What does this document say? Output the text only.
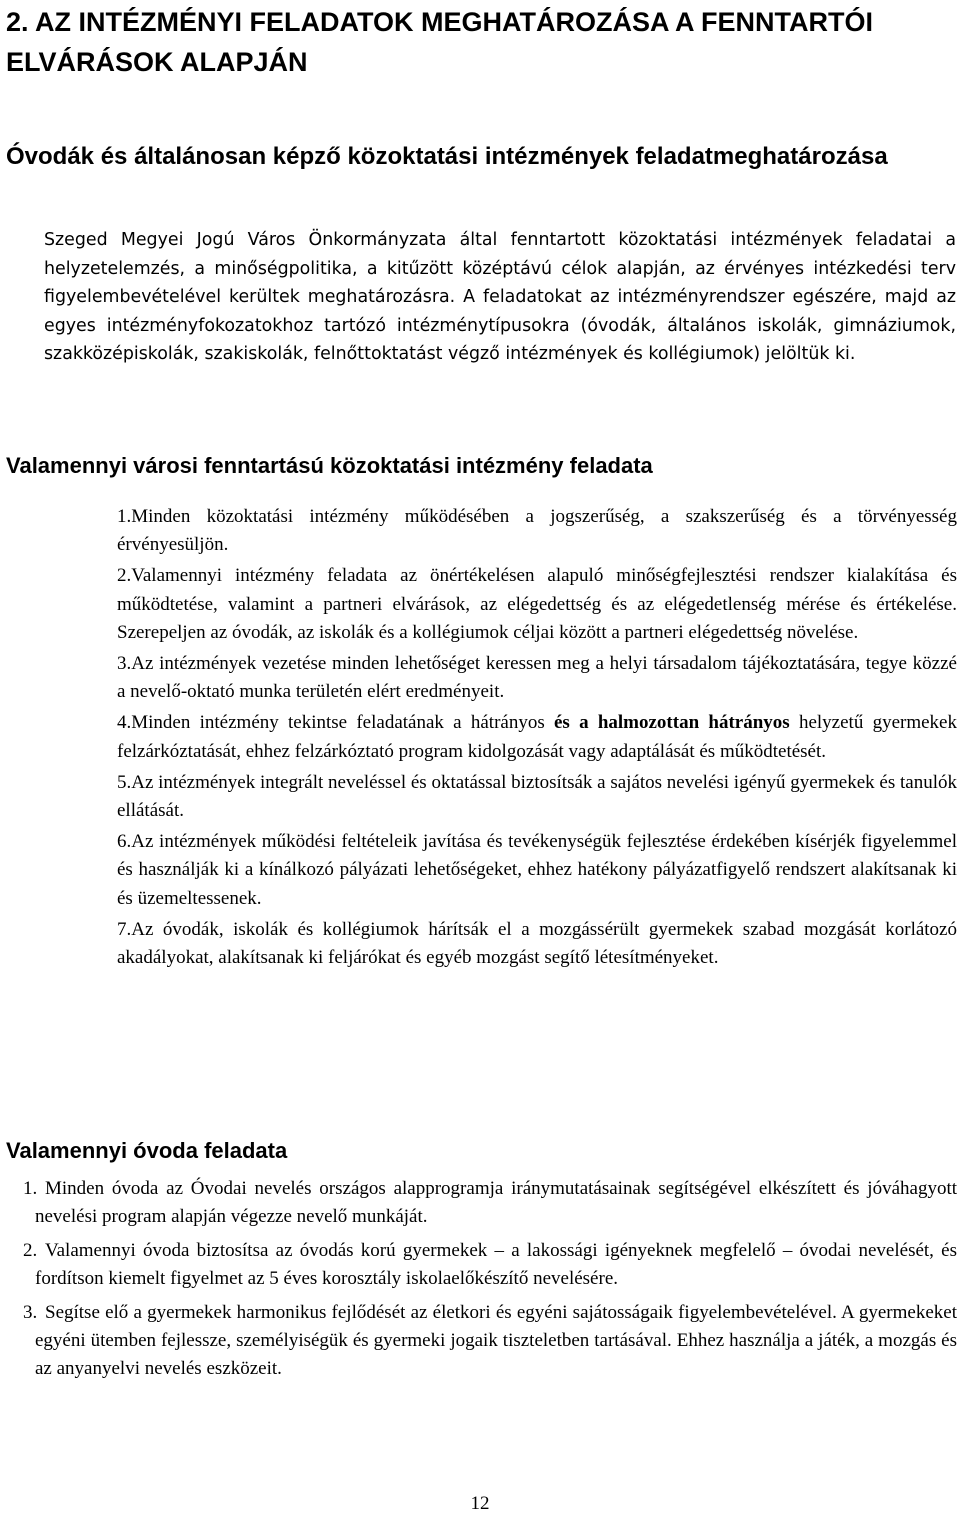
2. AZ INTÉZMÉNYI FELADATOK MEGHATÁROZÁSA A FENNTARTÓI ELVÁRÁSOK ALAPJÁN
Óvodák és általánosan képző közoktatási intézmények feladatmeghatározása

Szeged Megyei Jogú Város Önkormányzata által fenntartott közoktatási intézmények feladatai a helyzetelemzés, a minőségpolitika, a kitűzött középtávú célok alapján, az érvényes intézkedési terv figyelembevételével kerültek meghatározásra. A feladatokat az intézményrendszer egészére, majd az egyes intézményfokozatokhoz tartózó intézménytípusokra (óvodák, általános iskolák, gimnáziumok, szakközépiskolák, szakiskolák, felnőttoktatást végző intézmények és kollégiumok) jelöltük ki.

Valamennyi városi fenntartású közoktatási intézmény feladata
1.Minden közoktatási intézmény működésében a jogszerűség, a szakszerűség és a törvényesség érvényesüljön.
2.Valamennyi intézmény feladata az önértékelésen alapuló minőségfejlesztési rendszer kialakítása és működtetése, valamint a partneri elvárások, az elégedettség és az elégedetlenség mérése és értékelése. Szerepeljen az óvodák, az iskolák és a kollégiumok céljai között a partneri elégedettség növelése.
3.Az intézmények vezetése minden lehetőséget keressen meg a helyi társadalom tájékoztatására, tegye közzé a nevelő-oktató munka területén elért eredményeit.
4.Minden intézmény tekintse feladatának a hátrányos és a halmozottan hátrányos helyzetű gyermekek felzárkóztatását, ehhez felzárkóztató program kidolgozását vagy adaptálását és működtetését.
5.Az intézmények integrált neveléssel és oktatással biztosítsák a sajátos nevelési igényű gyermekek és tanulók ellátását.
6.Az intézmények működési feltételeik javítása és tevékenységük fejlesztése érdekében kísérjék figyelemmel és használják ki a kínálkozó pályázati lehetőségeket, ehhez hatékony pályázatfigyelő rendszert alakítsanak ki és üzemeltessenek.
7.Az óvodák, iskolák és kollégiumok hárítsák el a mozgássérült gyermekek szabad mozgását korlátozó akadályokat, alakítsanak ki feljárókat és egyéb mozgást segítő létesítményeket.
Valamennyi óvoda feladata
1. Minden óvoda az Óvodai nevelés országos alapprogramja iránymutatásainak segítségével elkészített és jóváhagyott nevelési program alapján végezze nevelő munkáját.
2. Valamennyi óvoda biztosítsa az óvodás korú gyermekek – a lakossági igényeknek megfelelő – óvodai nevelését, és fordítson kiemelt figyelmet az 5 éves korosztály iskolaelőkészítő nevelésére.
3. Segítse elő a gyermekek harmonikus fejlődését az életkori és egyéni sajátosságaik figyelembevételével. A gyermekeket egyéni ütemben fejlessze, személyiségük és gyermeki jogaik tiszteletben tartásával. Ehhez használja a játék, a mozgás és az anyanyelvi nevelés eszközeit.
12
